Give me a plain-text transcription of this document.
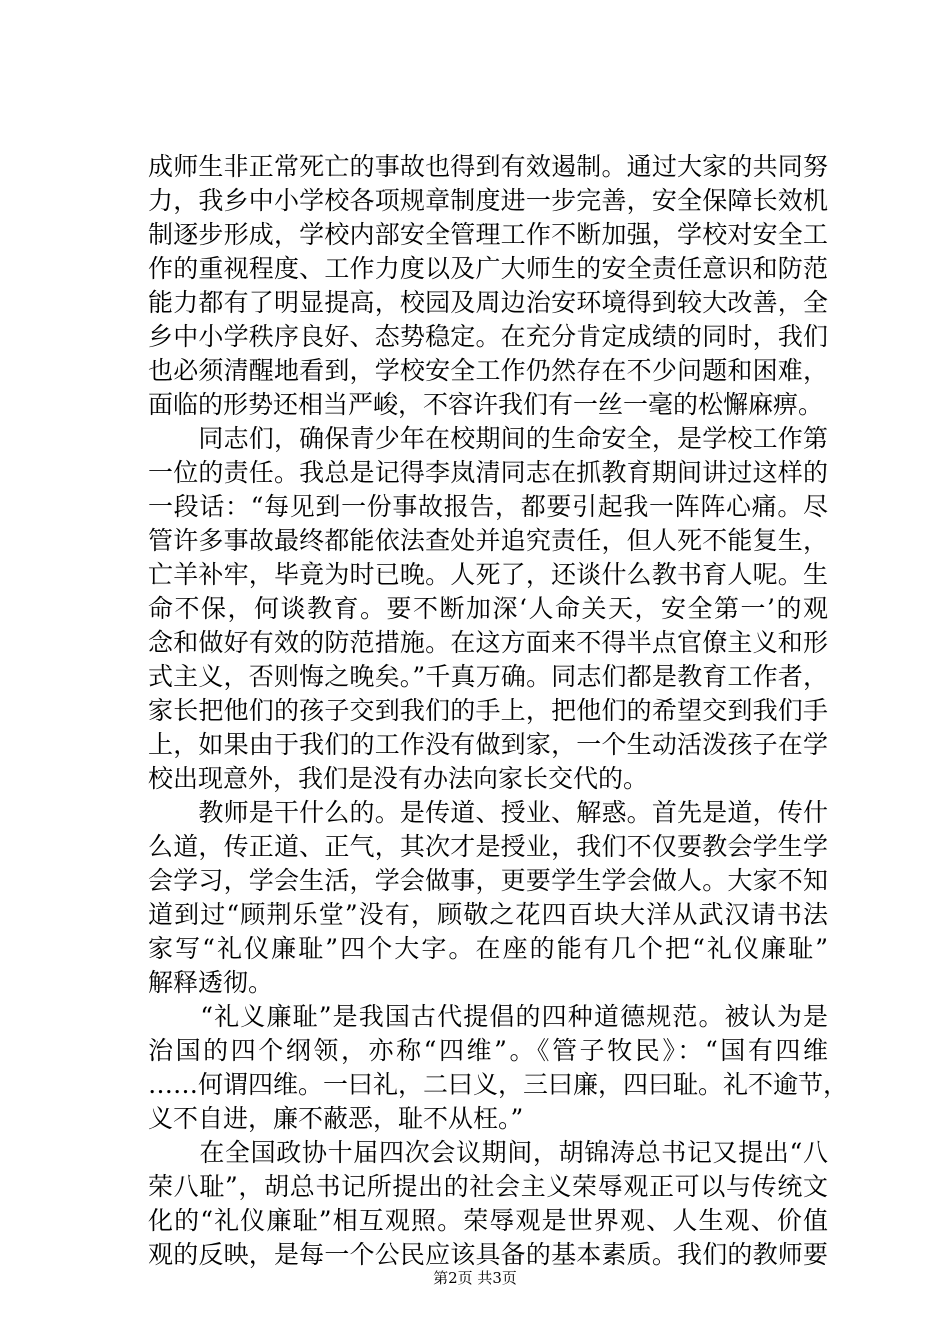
成师生非正常死亡的事故也得到有效遏制。通过大家的共同努
力，我乡中小学校各项规章制度进一步完善，安全保障长效机
制逐步形成，学校内部安全管理工作不断加强，学校对安全工
作的重视程度、工作力度以及广大师生的安全责任意识和防范
能力都有了明显提高，校园及周边治安环境得到较大改善，全
乡中小学秩序良好、态势稳定。在充分肯定成绩的同时，我们
也必须清醒地看到，学校安全工作仍然存在不少问题和困难，
面临的形势还相当严峻，不容许我们有一丝一毫的松懈麻痹。
　　同志们，确保青少年在校期间的生命安全，是学校工作第
一位的责任。我总是记得李岚清同志在抓教育期间讲过这样的
一段话：“每见到一份事故报告，都要引起我一阵阵心痛。尽
管许多事故最终都能依法查处并追究责任，但人死不能复生，
亡羊补牢，毕竟为时已晚。人死了，还谈什么教书育人呢。生
命不保，何谈教育。要不断加深‘人命关天，安全第一’的观
念和做好有效的防范措施。在这方面来不得半点官僚主义和形
式主义，否则悔之晚矣。”千真万确。同志们都是教育工作者，
家长把他们的孩子交到我们的手上，把他们的希望交到我们手
上，如果由于我们的工作没有做到家，一个生动活泼孩子在学
校出现意外，我们是没有办法向家长交代的。
　　教师是干什么的。是传道、授业、解惑。首先是道，传什
么道，传正道、正气，其次才是授业，我们不仅要教会学生学
会学习，学会生活，学会做事，更要学生学会做人。大家不知
道到过“顾荆乐堂”没有，顾敬之花四百块大洋从武汉请书法
家写“礼仪廉耻”四个大字。在座的能有几个把“礼仪廉耻”
解释透彻。
　　“礼义廉耻”是我国古代提倡的四种道德规范。被认为是
治国的四个纲领，亦称“四维”。《管子牧民》：“国有四维
……何谓四维。一曰礼，二曰义，三曰廉，四曰耻。礼不逾节，
义不自进，廉不蔽恶，耻不从枉。”
　　在全国政协十届四次会议期间，胡锦涛总书记又提出“八
荣八耻”，胡总书记所提出的社会主义荣辱观正可以与传统文
化的“礼仪廉耻”相互观照。荣辱观是世界观、人生观、价值
观的反映，是每一个公民应该具备的基本素质。我们的教师要
第2页 共3页
